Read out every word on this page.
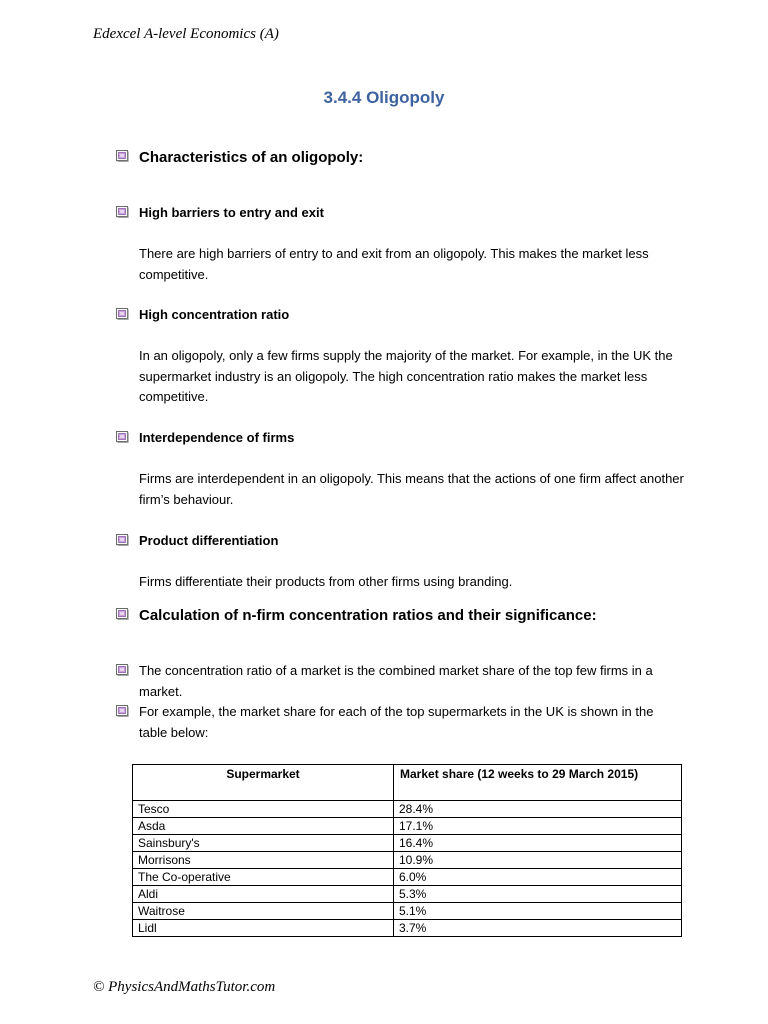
Edexcel A-level Economics (A)
3.4.4 Oligopoly
Characteristics of an oligopoly:
High barriers to entry and exit
There are high barriers of entry to and exit from an oligopoly. This makes the market less competitive.
High concentration ratio
In an oligopoly, only a few firms supply the majority of the market. For example, in the UK the supermarket industry is an oligopoly. The high concentration ratio makes the market less competitive.
Interdependence of firms
Firms are interdependent in an oligopoly. This means that the actions of one firm affect another firm’s behaviour.
Product differentiation
Firms differentiate their products from other firms using branding.
Calculation of n-firm concentration ratios and their significance:
The concentration ratio of a market is the combined market share of the top few firms in a market.
For example, the market share for each of the top supermarkets in the UK is shown in the table below:
Supermarket	Market share (12 weeks to 29 March 2015)
Tesco	28.4%
Asda	17.1%
Sainsbury's	16.4%
Morrisons	10.9%
The Co-operative	6.0%
Aldi	5.3%
Waitrose	5.1%
Lidl	3.7%
© PhysicsAndMathsTutor.com
